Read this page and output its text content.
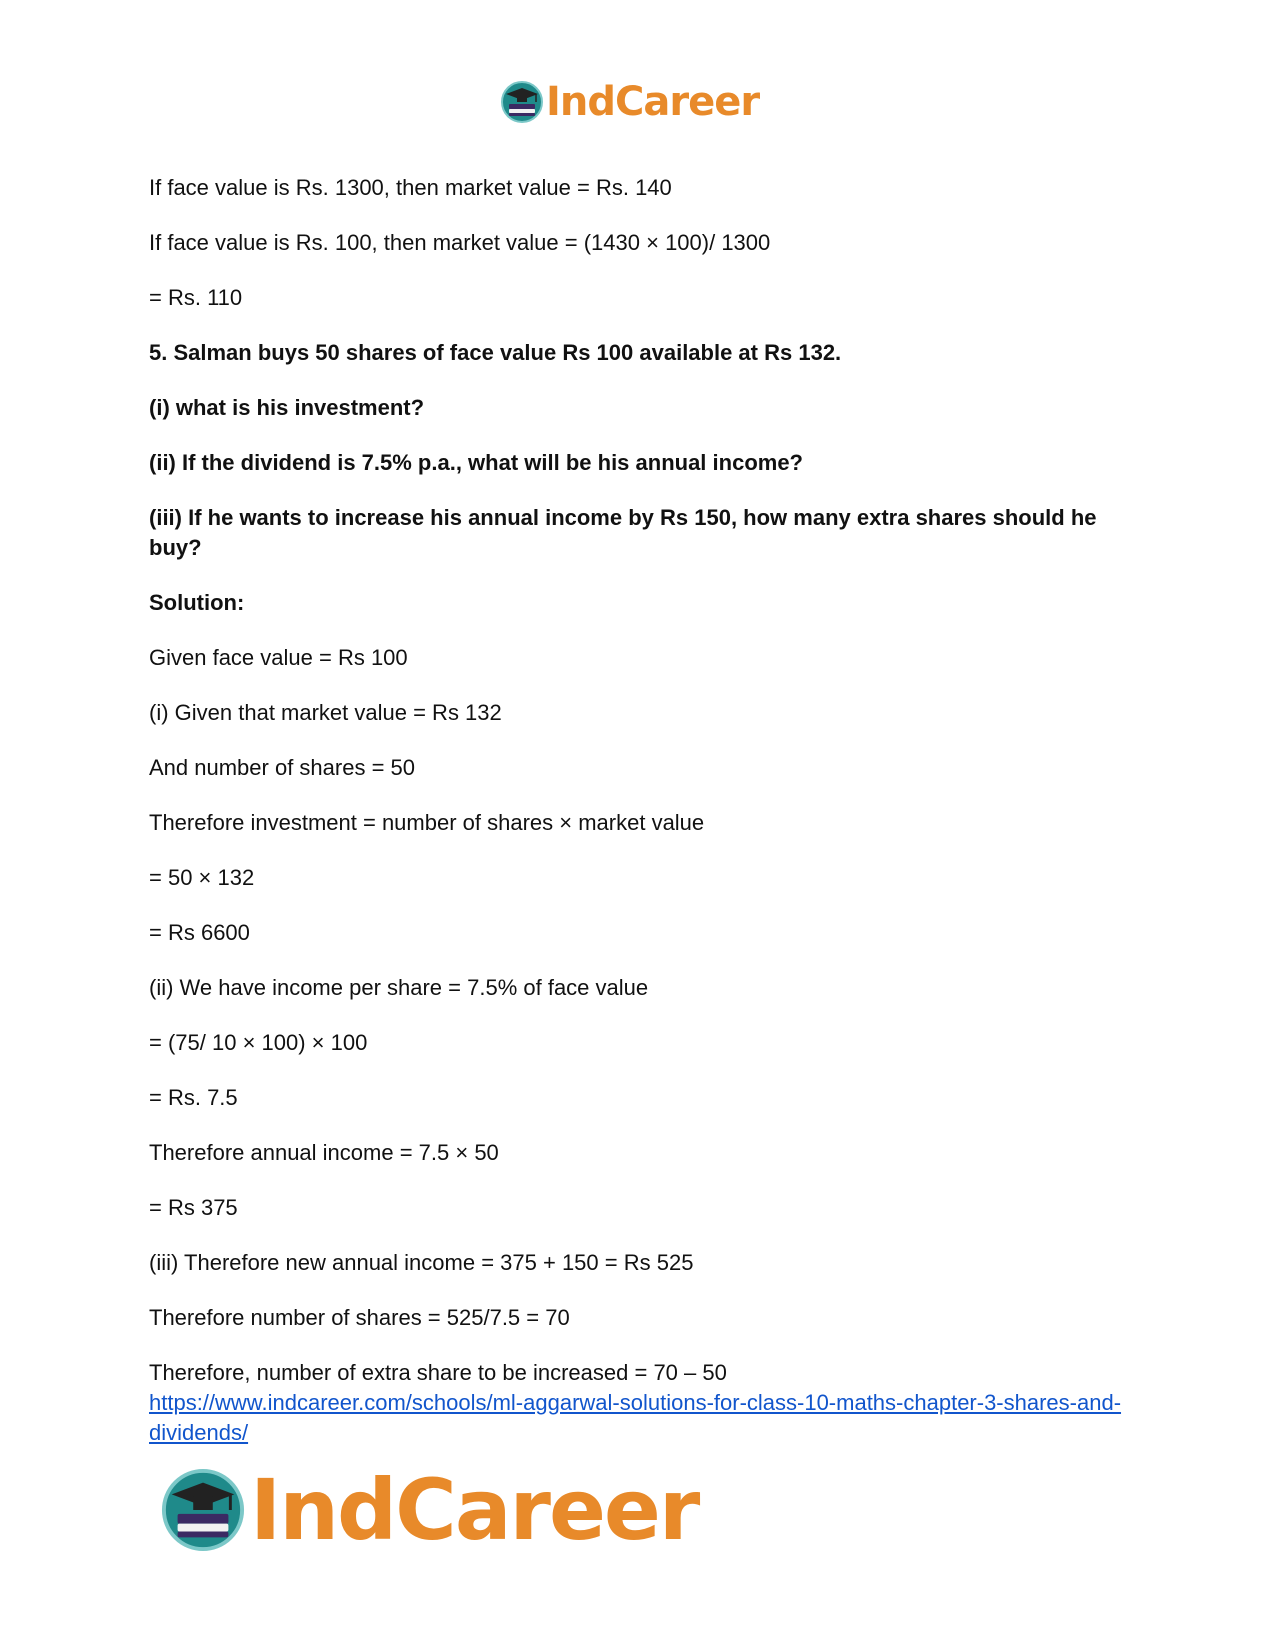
IndCareer

If face value is Rs. 1300, then market value = Rs. 140

If face value is Rs. 100, then market value = (1430 × 100)/ 1300

= Rs. 110

5. Salman buys 50 shares of face value Rs 100 available at Rs 132.

(i) what is his investment?

(ii) If the dividend is 7.5% p.a., what will be his annual income?

(iii) If he wants to increase his annual income by Rs 150, how many extra shares should he buy?

Solution:

Given face value = Rs 100

(i) Given that market value = Rs 132

And number of shares = 50

Therefore investment = number of shares × market value

= 50 × 132

= Rs 6600

(ii) We have income per share = 7.5% of face value

= (75/ 10 × 100) × 100

= Rs. 7.5

Therefore annual income = 7.5 × 50

= Rs 375

(iii) Therefore new annual income = 375 + 150 = Rs 525

Therefore number of shares = 525/7.5 = 70

Therefore, number of extra share to be increased = 70 – 50

https://www.indcareer.com/schools/ml-aggarwal-solutions-for-class-10-maths-chapter-3-shares-and-dividends/
IndCareer
